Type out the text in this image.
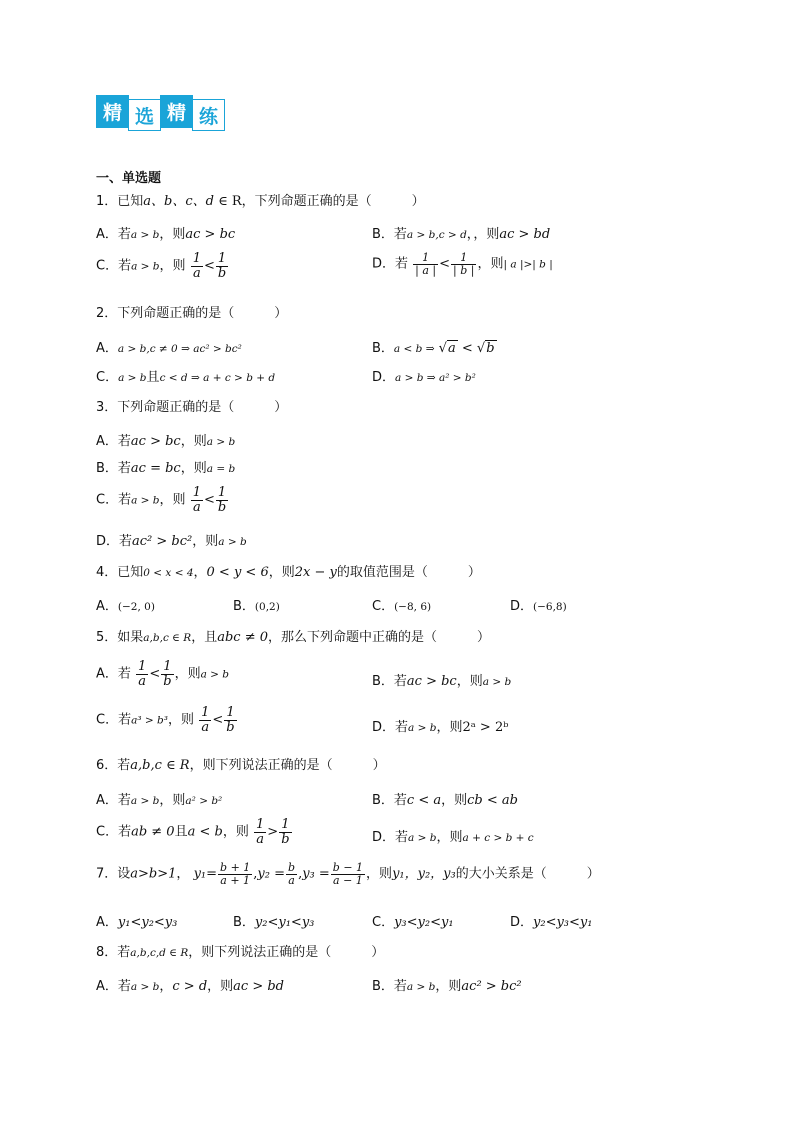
精 选 精 练
一、单选题
1．已知a、b、c、d ∈ R，下列命题正确的是（	）
A．若a > b，则ac > bc	B．若a > b,c > d，，则ac > bd
C．若a > b，则 $\frac{1}{a} < \frac{1}{b}$	D．若 $\frac{1}{| a |} < \frac{1}{| b |}$ ，则| a |>| b |
2．下列命题正确的是（	）
A．a > b,c ≠ 0 ⇒ ac² > bc²	B．a < b ⇒ √a < √b
C．a > b且c < d ⇒ a + c > b + d	D．a > b ⇒ a² > b²
3．下列命题正确的是（	）
A．若ac > bc，则a > b
B．若ac = bc，则a = b
C．若a > b，则 $\frac{1}{a} < \frac{1}{b}$
D．若ac² > bc²，则a > b
4．已知0 < x < 4，0 < y < 6，则2x − y的取值范围是（	）
A．(−2, 0)	B．(0,2)	C．(−8, 6)	D．(−6,8)
5．如果a,b,c ∈ R，且abc ≠ 0，那么下列命题中正确的是（	）
A．若 $\frac{1}{a} < \frac{1}{b}$ ，则a > b	B．若ac > bc，则a > b
C．若a³ > b³，则 $\frac{1}{a} < \frac{1}{b}$	D．若a > b，则2ᵃ > 2ᵇ
6．若a,b,c ∈ R，则下列说法正确的是（	）
A．若a > b，则a² > b²	B．若c < a，则cb < ab
C．若ab ≠ 0且a < b，则 $\frac{1}{a} > \frac{1}{b}$	D．若a > b，则a + c > b + c
7．设a>b>1， $y_1= \frac{b + 1}{a + 1} ,y_2 = \frac{b}{a} ,y_3 = \frac{b - 1}{a - 1}$ ，则y₁，y₂，y₃的大小关系是（	）
A．y₁<y₂<y₃	B．y₂<y₁<y₃	C．y₃<y₂<y₁	D．y₂<y₃<y₁
8．若a,b,c,d ∈ R，则下列说法正确的是（	）
A．若a > b，c > d，则ac > bd	B．若a > b，则ac² > bc²
